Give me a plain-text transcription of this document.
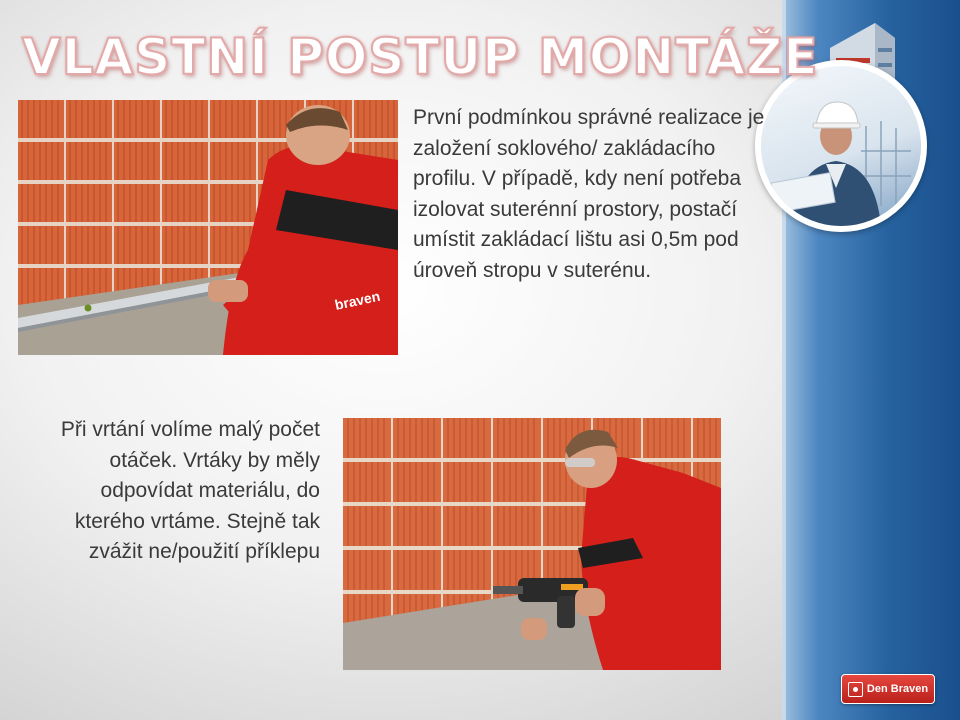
VLASTNÍ POSTUP MONTÁŽE
braven

První podmínkou správné realizace je založení soklového/ zakládacího profilu. V případě, kdy není potřeba izolovat suterénní prostory, postačí umístit zakládací lištu asi 0,5m pod úroveň stropu v suterénu.

Při vrtání volíme malý počet otáček. Vrtáky by měly odpovídat materiálu, do kterého vrtáme. Stejně tak zvážit ne/použití příklepu

Den Braven
